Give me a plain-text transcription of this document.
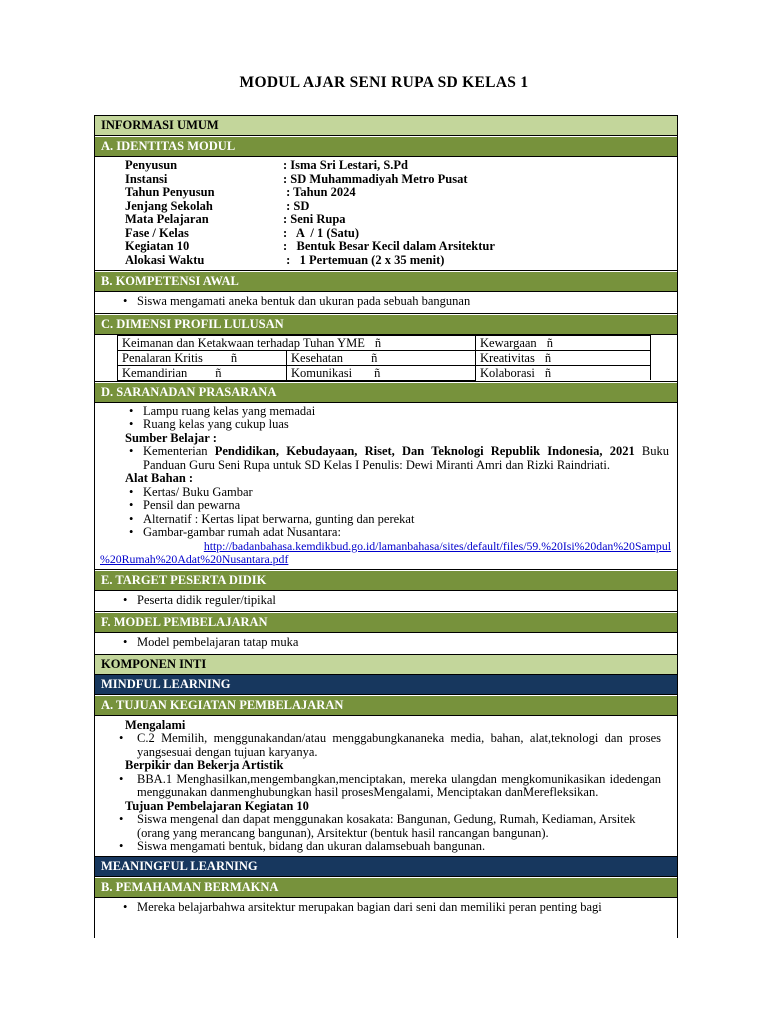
MODUL AJAR SENI RUPA SD KELAS 1
INFORMASI UMUM
A. IDENTITAS MODUL
Penyusun	: Isma Sri Lestari, S.Pd
Instansi	: SD Muhammadiyah Metro Pusat
Tahun Penyusun	: Tahun 2024
Jenjang Sekolah	: SD
Mata Pelajaran	: Seni Rupa
Fase / Kelas	:   A  / 1 (Satu)
Kegiatan 10	:   Bentuk Besar Kecil dalam Arsitektur
Alokasi Waktu	:   1 Pertemuan (2 x 35 menit)
B. KOMPETENSI AWAL
• Siswa mengamati aneka bentuk dan ukuran pada sebuah bangunan
C. DIMENSI PROFIL LULUSAN
Keimanan dan Ketakwaan terhadap Tuhan YME ñ		Kewargaan ñ
Penalaran Kritis ñ	Kesehatan ñ	Kreativitas ñ
Kemandirian ñ	Komunikasi ñ	Kolaborasi ñ
D. SARANADAN PRASARANA
• Lampu ruang kelas yang memadai
• Ruang kelas yang cukup luas
Sumber Belajar :
• Kementerian Pendidikan, Kebudayaan, Riset, Dan Teknologi Republik Indonesia, 2021 Buku Panduan Guru Seni Rupa untuk SD Kelas I Penulis: Dewi Miranti Amri dan Rizki Raindriati.
Alat Bahan :
• Kertas/ Buku Gambar
• Pensil dan pewarna
• Alternatif : Kertas lipat berwarna, gunting dan perekat
• Gambar-gambar rumah adat Nusantara:
http://badanbahasa.kemdikbud.go.id/lamanbahasa/sites/default/files/59.%20Isi%20dan%20Sampul
%20Rumah%20Adat%20Nusantara.pdf
E. TARGET PESERTA DIDIK
• Peserta didik reguler/tipikal
F. MODEL PEMBELAJARAN
• Model pembelajaran tatap muka
KOMPONEN INTI
MINDFUL LEARNING
A. TUJUAN KEGIATAN PEMBELAJARAN
Mengalami
• C.2 Memilih, menggunakandan/atau menggabungkananeka media, bahan, alat,teknologi dan proses yangsesuai dengan tujuan karyanya.
Berpikir dan Bekerja Artistik
• BBA.1 Menghasilkan,mengembangkan,menciptakan, mereka ulangdan mengkomunikasikan idedengan menggunakan danmenghubungkan hasil prosesMengalami, Menciptakan danMerefleksikan.
Tujuan Pembelajaran Kegiatan 10
• Siswa mengenal dan dapat menggunakan kosakata: Bangunan, Gedung, Rumah, Kediaman, Arsitek (orang yang merancang bangunan), Arsitektur (bentuk hasil rancangan bangunan).
• Siswa mengamati bentuk, bidang dan ukuran dalamsebuah bangunan.
MEANINGFUL LEARNING
B. PEMAHAMAN BERMAKNA
• Mereka belajarbahwa arsitektur merupakan bagian dari seni dan memiliki peran penting bagi
